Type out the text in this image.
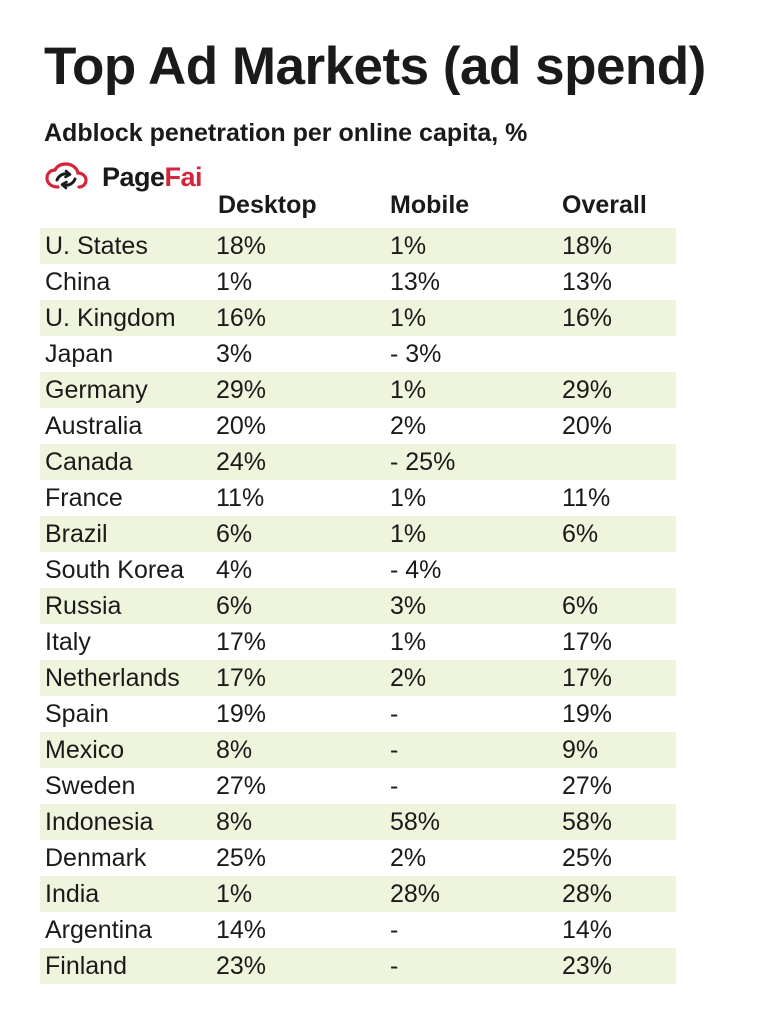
Top Ad Markets (ad spend)
Adblock penetration per online capita, %
Page Fai
Desktop	Mobile	Overall
U. States	18%	1%	18%
China	1%	13%	13%
U. Kingdom 16%	1%	16%
Japan	3%	- 3%
Germany	29%	1%	29%
Australia	20%	2%	20%
Canada	24%	- 25%
France	11%	1%	11%
Brazil	6%	1%	6%
South Korea 4%	- 4%
Russia	6%	3%	6%
Italy	17%	1%	17%
Netherlands 17%	2%	17%
Spain	19%	-	19%
Mexico	8%	-	9%
Sweden	27%	-	27%
Indonesia	8%	58%	58%
Denmark	25%	2%	25%
India	1%	28%	28%
Argentina	14%	-	14%
Finland	23%	-	23%
